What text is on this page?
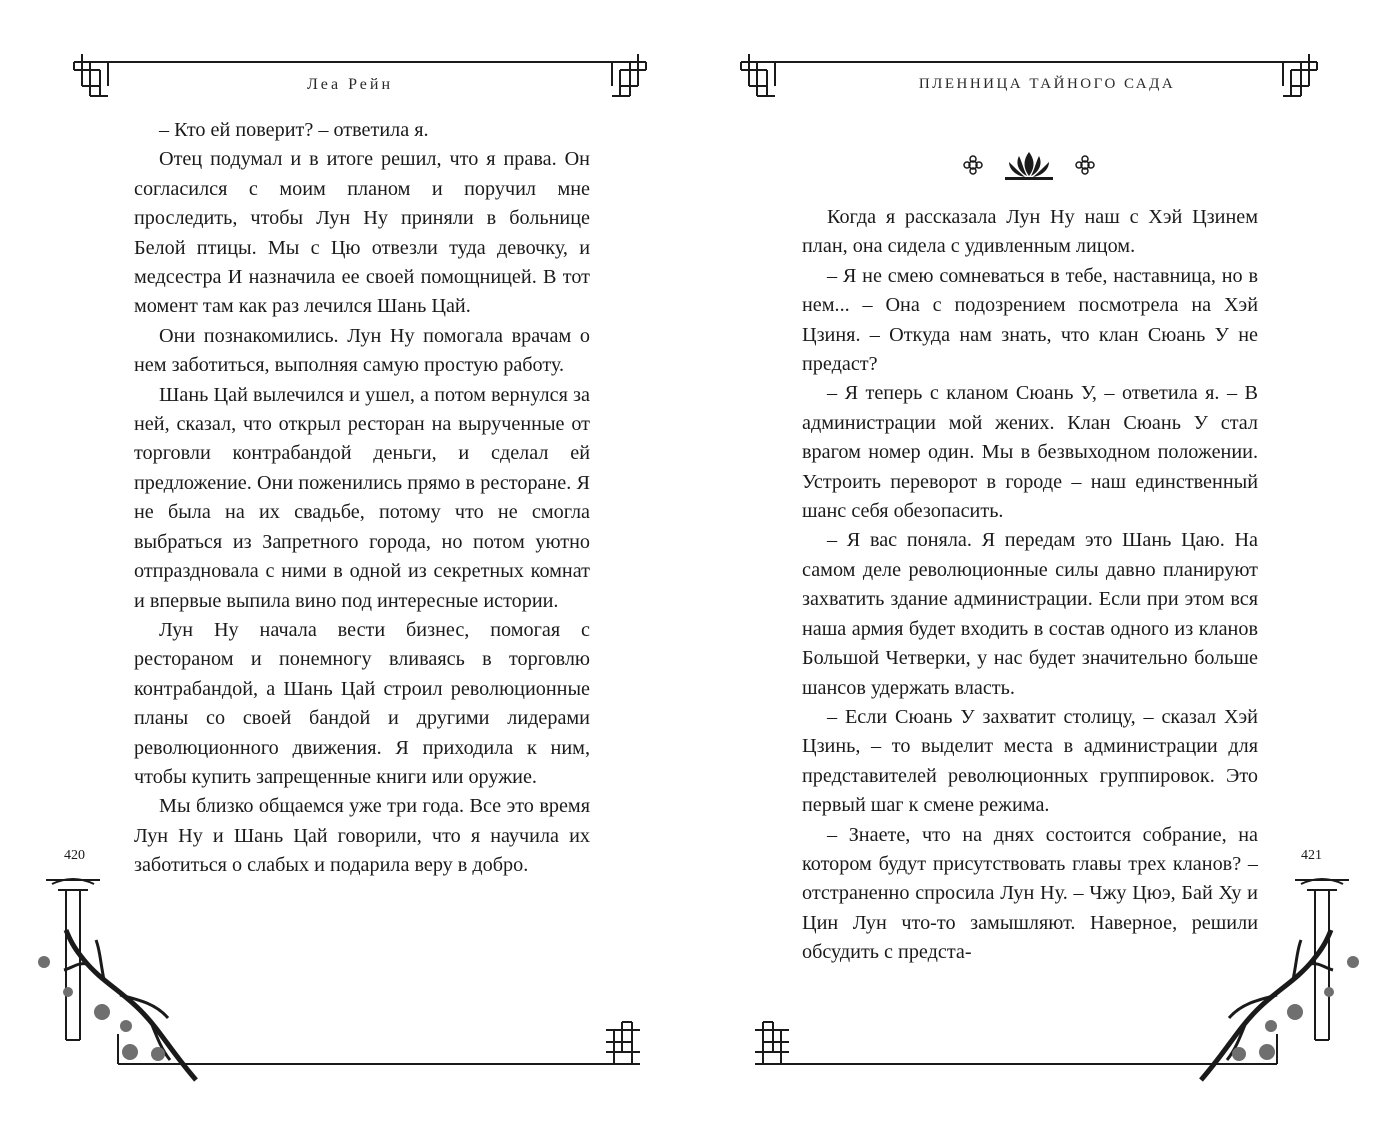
Леа Рейн

– Кто ей поверит? – ответила я.

Отец подумал и в итоге решил, что я права. Он согласился с моим планом и поручил мне проследить, чтобы Лун Ну приняли в больнице Белой птицы. Мы с Цю отвезли туда девочку, и медсестра И назначила ее своей помощницей. В тот момент там как раз лечился Шань Цай.

Они познакомились. Лун Ну помогала врачам о нем заботиться, выполняя самую простую работу.

Шань Цай вылечился и ушел, а потом вернулся за ней, сказал, что открыл ресторан на вырученные от торговли контрабандой деньги, и сделал ей предложение. Они поженились прямо в ресторане. Я не была на их свадьбе, потому что не смогла выбраться из Запретного города, но потом уютно отпраздновала с ними в одной из секретных комнат и впервые выпила вино под интересные истории.

Лун Ну начала вести бизнес, помогая с рестораном и понемногу вливаясь в торговлю контрабандой, а Шань Цай строил революционные планы со своей бандой и другими лидерами революционного движения. Я приходила к ним, чтобы купить запрещенные книги или оружие.

Мы близко общаемся уже три года. Все это время Лун Ну и Шань Цай говорили, что я научила их заботиться о слабых и подарила веру в добро.

420
ПЛЕННИЦА ТАЙНОГО САДА

Когда я рассказала Лун Ну наш с Хэй Цзинем план, она сидела с удивленным лицом.

– Я не смею сомневаться в тебе, наставница, но в нем... – Она с подозрением посмотрела на Хэй Цзиня. – Откуда нам знать, что клан Сюань У не предаст?

– Я теперь с кланом Сюань У, – ответила я. – В администрации мой жених. Клан Сюань У стал врагом номер один. Мы в безвыходном положении. Устроить переворот в городе – наш единственный шанс себя обезопасить.

– Я вас поняла. Я передам это Шань Цаю. На самом деле революционные силы давно планируют захватить здание администрации. Если при этом вся наша армия будет входить в состав одного из кланов Большой Четверки, у нас будет значительно больше шансов удержать власть.

– Если Сюань У захватит столицу, – сказал Хэй Цзинь, – то выделит места в администрации для представителей революционных группировок. Это первый шаг к смене режима.

– Знаете, что на днях состоится собрание, на котором будут присутствовать главы трех кланов? – отстраненно спросила Лун Ну. – Чжу Цюэ, Бай Ху и Цин Лун что-то замышляют. Наверное, решили обсудить с предста-

421
